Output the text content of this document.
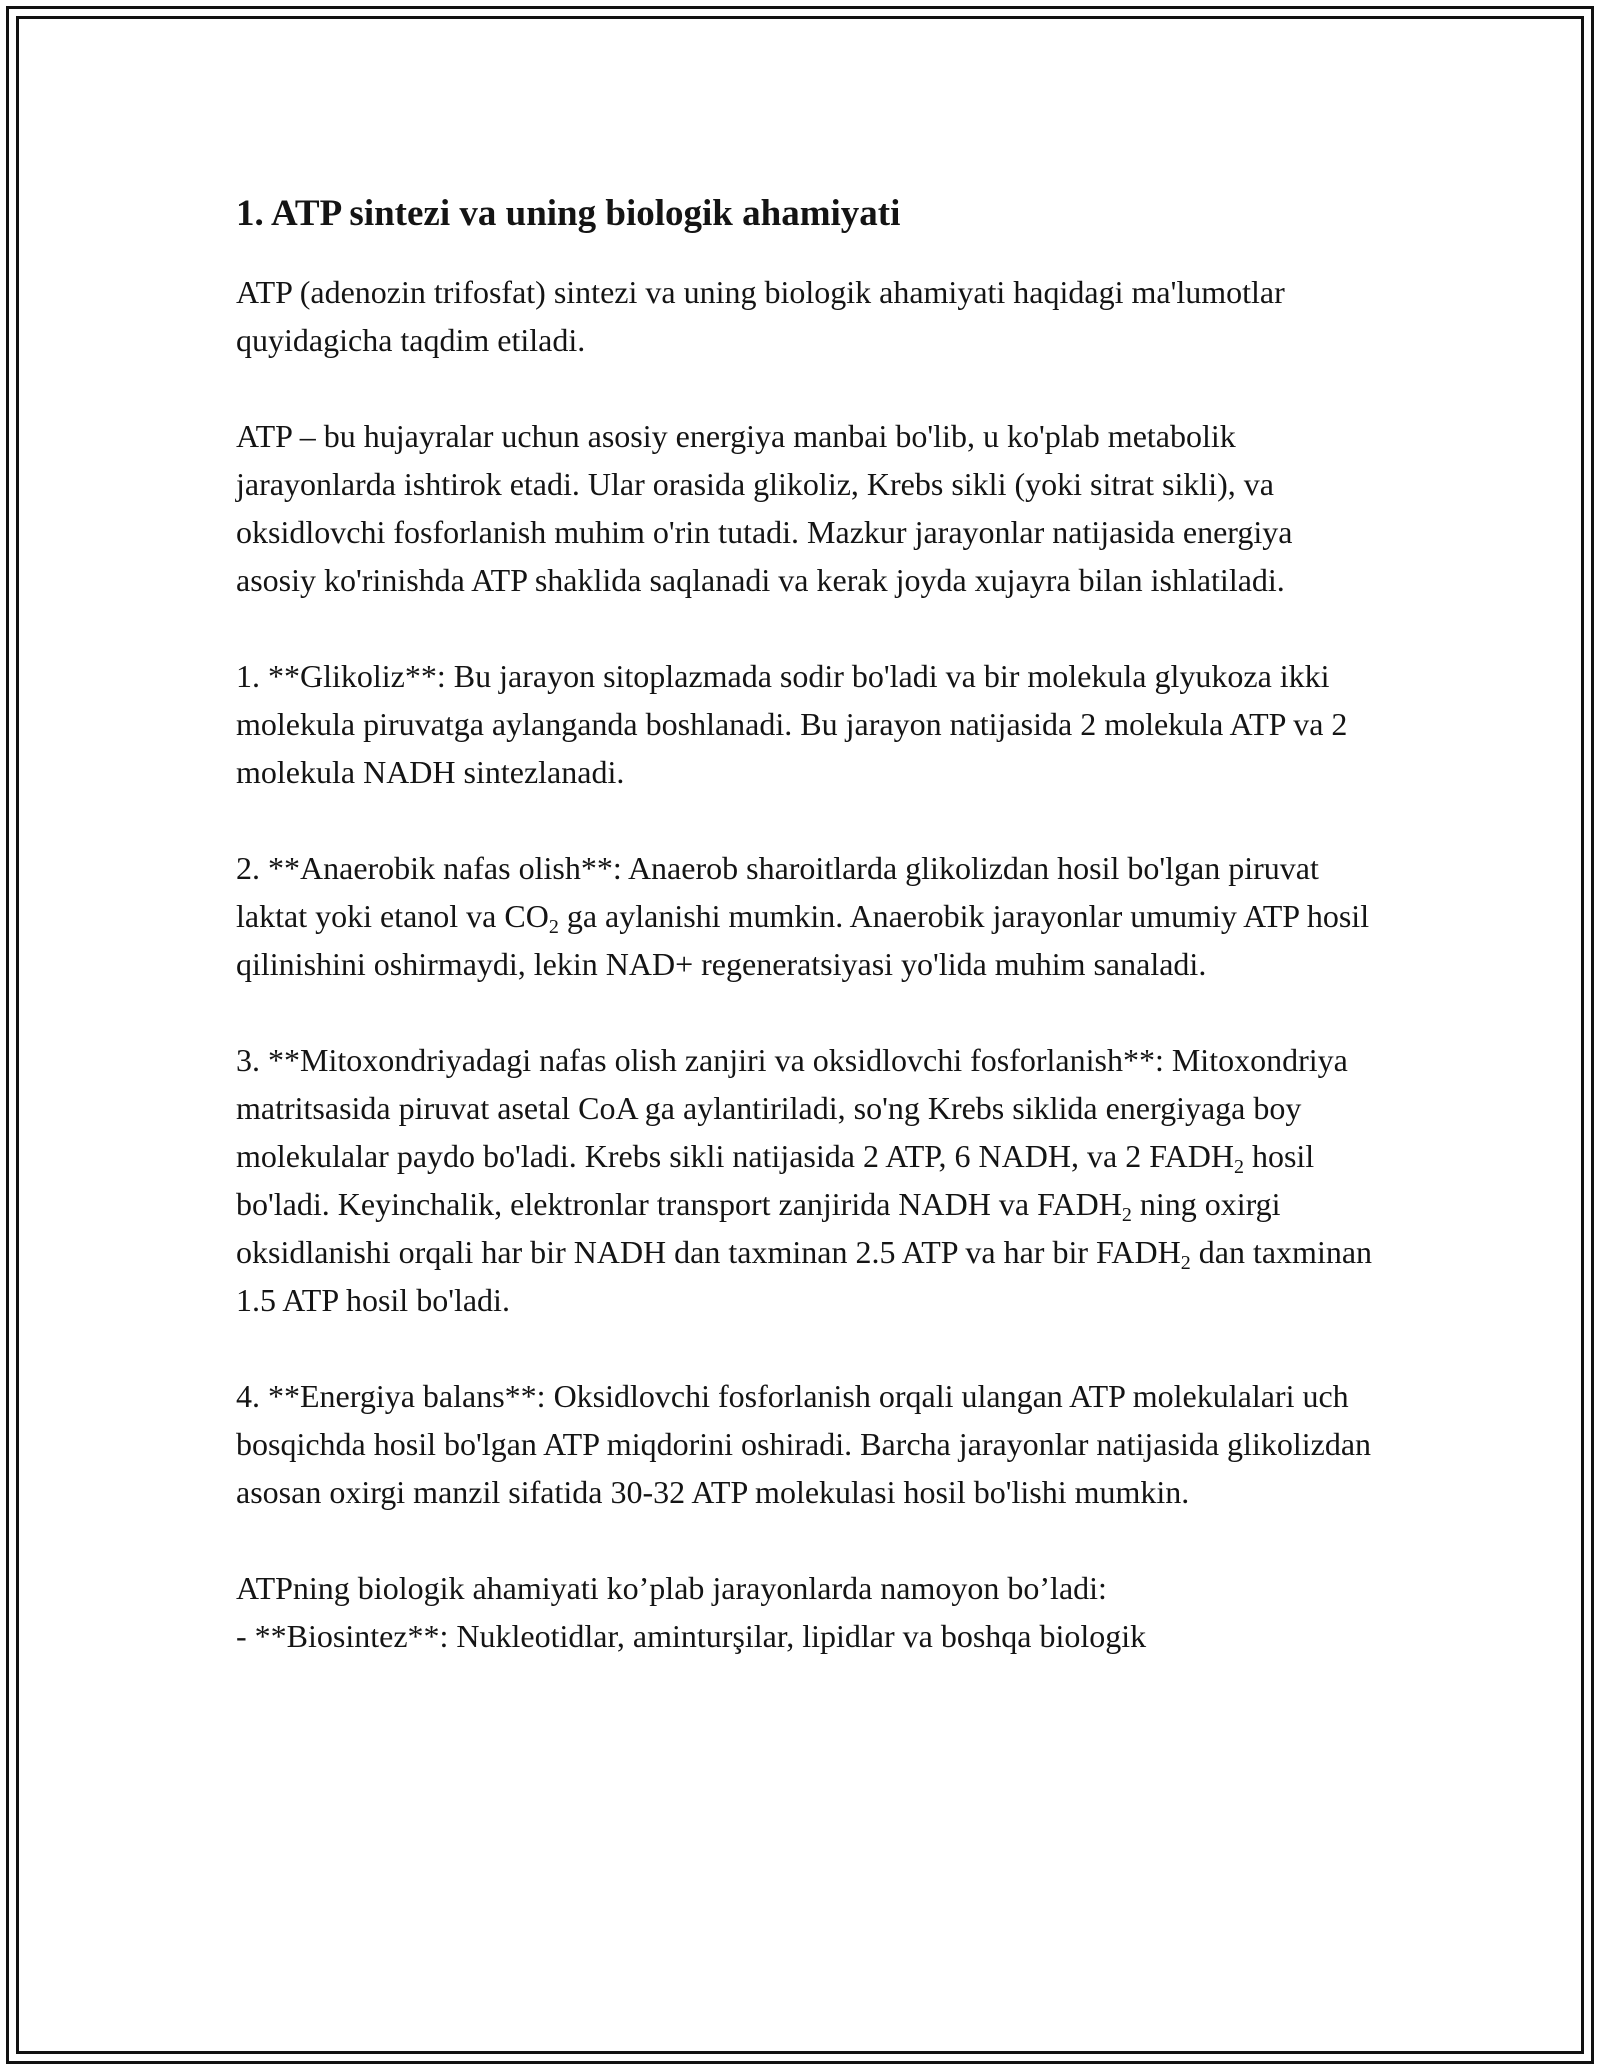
1. ATP sintezi va uning biologik ahamiyati

ATP (adenozin trifosfat) sintezi va uning biologik ahamiyati haqidagi ma'lumotlar quyidagicha taqdim etiladi.

ATP – bu hujayralar uchun asosiy energiya manbai bo'lib, u ko'plab metabolik jarayonlarda ishtirok etadi. Ular orasida glikoliz, Krebs sikli (yoki sitrat sikli), va oksidlovchi fosforlanish muhim o'rin tutadi. Mazkur jarayonlar natijasida energiya asosiy ko'rinishda ATP shaklida saqlanadi va kerak joyda xujayra bilan ishlatiladi.

1. **Glikoliz**: Bu jarayon sitoplazmada sodir bo'ladi va bir molekula glyukoza ikki molekula piruvatga aylanganda boshlanadi. Bu jarayon natijasida 2 molekula ATP va 2 molekula NADH sintezlanadi.

2. **Anaerobik nafas olish**: Anaerob sharoitlarda glikolizdan hosil bo'lgan piruvat laktat yoki etanol va $CO_2$ ga aylanishi mumkin. Anaerobik jarayonlar umumiy ATP hosil qilinishini oshirmaydi, lekin NAD+ regeneratsiyasi yo'lida muhim sanaladi.

3. **Mitoxondriyadagi nafas olish zanjiri va oksidlovchi fosforlanish**: Mitoxondriya matritsasida piruvat asetal CoA ga aylantiriladi, so'ng Krebs siklida energiyaga boy molekulalar paydo bo'ladi. Krebs sikli natijasida 2 ATP, 6 NADH, va 2 $FADH_2$ hosil bo'ladi. Keyinchalik, elektronlar transport zanjirida NADH va $FADH_2$ ning oxirgi oksidlanishi orqali har bir NADH dan taxminan 2.5 ATP va har bir $FADH_2$ dan taxminan 1.5 ATP hosil bo'ladi.

4. **Energiya balans**: Oksidlovchi fosforlanish orqali ulangan ATP molekulalari uch bosqichda hosil bo'lgan ATP miqdorini oshiradi. Barcha jarayonlar natijasida glikolizdan asosan oxirgi manzil sifatida 30-32 ATP molekulasi hosil bo'lishi mumkin.

ATPning biologik ahamiyati ko’plab jarayonlarda namoyon bo’ladi:

- **Biosintez**: Nukleotidlar, aminturşilar, lipidlar va boshqa biologik
